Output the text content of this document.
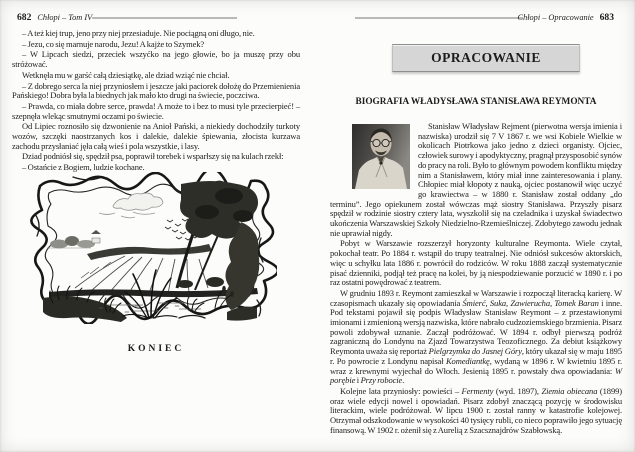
682 Chłopi – Tom IV

– A też kiej trup, jeno przy niej przesiaduje. Nie pociągną oni długo, nie.

– Jezu, co się marnuje narodu, Jezu! A kajże to Szymek?

– W Lipcach siedzi, przeciek wszyćko na jego głowie, bo ja muszę przy obu stróżować.

Wetknęła mu w garść całą dziesiątkę, ale dziad wziąć nie chciał.

– Z dobrego serca la niej przyniosłem i jeszcze jaki paciorek dołożę do Przemienienia Pańskiego! Dobra była la biednych jak mało kto drugi na świecie, poczciwa.

– Prawda, co miała dobre serce, prawda! A może to i bez to musi tyle przecierpieć! – szepnęła wlekąc smutnymi oczami po świecie.

Od Lipiec roznosiło się dzwonienie na Anioł Pański, a niekiedy dochodziły turkoty wozów, szczęki naostrzanych kos i dalekie, dalekie śpiewania, złocista kurzawa zachodu przysłaniać jęła całą wieś i pola wszystkie, i lasy.

Dziad podniósł się, spędził psa, poprawił torebek i wsparłszy się na kulach rzekł:

– Ostańcie z Bogiem, ludzie kochane.

KONIEC
Chłopi – Opracowanie 683
OPRACOWANIE
BIOGRAFIA WŁADYSŁAWA STANISŁAWA REYMONTA

Stanisław Władysław Rejment (pierwotna wersja imienia i nazwiska) urodził się 7 V 1867 r. we wsi Kobiele Wielkie w okolicach Piotrkowa jako jedno z dzieci organisty. Ojciec, człowiek surowy i apodyktyczny, pragnął przysposobić synów do pracy na roli. Było to głównym powodem konfliktu między nim a Stanisławem, który miał inne zainteresowania i plany. Chłopiec miał kłopoty z nauką, ojciec postanowił więc uczyć go krawiectwa – w 1880 r. Stanisław został oddany „do terminu”. Jego opiekunem został wówczas mąż siostry Stanisława. Przyszły pisarz spędził w rodzinie siostry cztery lata, wyszkolił się na czeladnika i uzyskał świadectwo ukończenia Warszawskiej Szkoły Niedzielno-Rzemieślniczej. Zdobytego zawodu jednak nie uprawiał nigdy.

Pobyt w Warszawie rozszerzył horyzonty kulturalne Reymonta. Wiele czytał, pokochał teatr. Po 1884 r. wstąpił do trupy teatralnej. Nie odniósł sukcesów aktorskich, więc u schyłku lata 1886 r. powrócił do rodziców. W roku 1888 zaczął systematycznie pisać dzienniki, podjął też pracę na kolei, by ją niespodziewanie porzucić w 1890 r. i po raz ostatni powędrować z teatrem.

W grudniu 1893 r. Reymont zamieszkał w Warszawie i rozpoczął literacką karierę. W czasopismach ukazały się opowiadania Śmierć, Suka, Zawierucha, Tomek Baran i inne. Pod tekstami pojawił się podpis Władysław Stanisław Reymont – z przestawionymi imionami i zmienioną wersją nazwiska, które nabrało cudzoziemskiego brzmienia. Pisarz powoli zdobywał uznanie. Zaczął podróżować. W 1894 r. odbył pierwszą podróż zagraniczną do Londynu na Zjazd Towarzystwa Teozoficznego. Za debiut książkowy Reymonta uważa się reportaż Pielgrzymka do Jasnej Góry, który ukazał się w maju 1895 r. Po powrocie z Londynu napisał Komediantkę, wydaną w 1896 r. W kwietniu 1895 r. wraz z krewnymi wyjechał do Włoch. Jesienią 1895 r. powstały dwa opowiadania: W porębie i Przy robocie.

Kolejne lata przyniosły: powieści – Fermenty (wyd. 1897), Ziemia obiecana (1899) oraz wiele edycji nowel i opowiadań. Pisarz zdobył znaczącą pozycję w środowisku literackim, wiele podróżował. W lipcu 1900 r. został ranny w katastrofie kolejowej. Otrzymał odszkodowanie w wysokości 40 tysięcy rubli, co nieco poprawiło jego sytuację finansową. W 1902 r. ożenił się z Aurelią z Szacsznajdrów Szabłowską.
